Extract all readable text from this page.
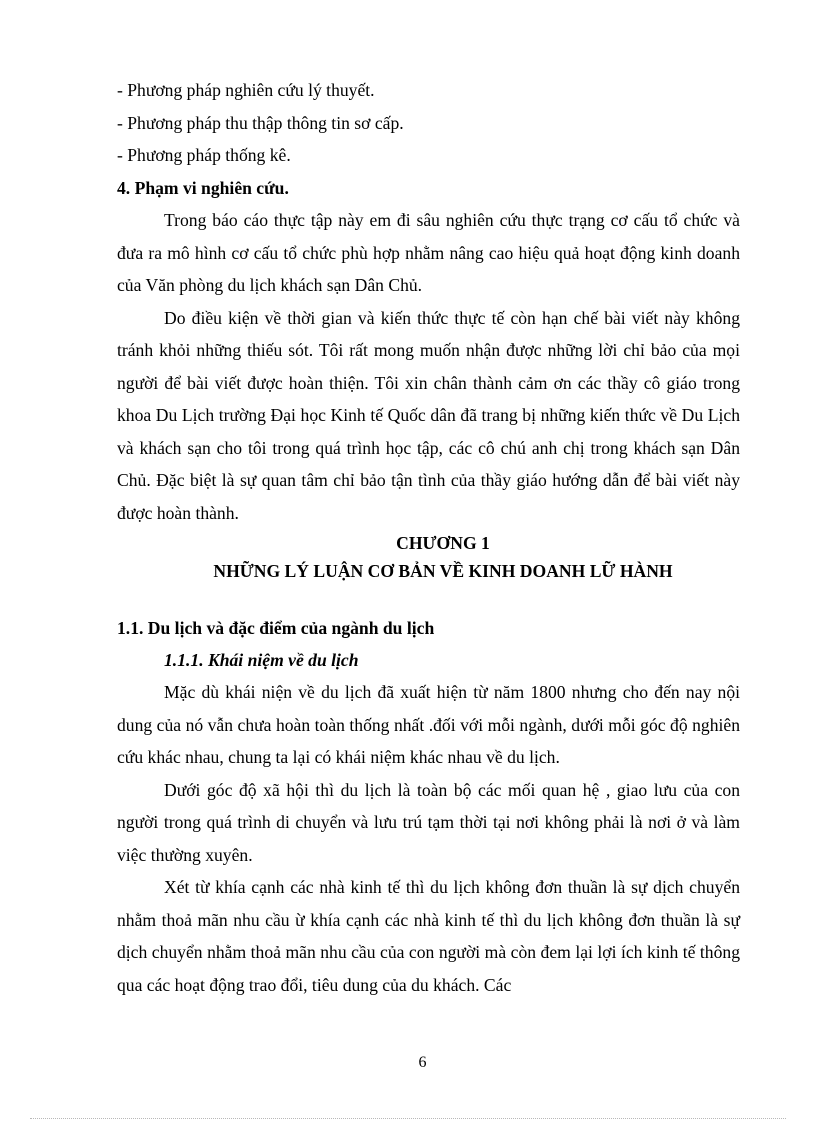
- Phương pháp nghiên cứu lý thuyết.
- Phương pháp thu thập thông tin sơ cấp.
- Phương pháp thống kê.
4. Phạm vi nghiên cứu.

Trong báo cáo thực tập này em đi sâu nghiên cứu thực trạng cơ cấu tổ chức và đưa ra mô hình cơ cấu tổ chức phù hợp nhằm nâng cao hiệu quả hoạt động kinh doanh của Văn phòng du lịch khách sạn Dân Chủ.

Do điều kiện về thời gian và kiến thức thực tế còn hạn chế bài viết này không tránh khỏi những thiếu sót. Tôi rất mong muốn nhận được những lời chỉ bảo của mọi người để bài viết được hoàn thiện. Tôi xin chân thành cảm ơn các thầy cô giáo trong khoa Du Lịch trường Đại học Kinh tế Quốc dân đã trang bị những kiến thức về Du Lịch và khách sạn cho tôi trong quá trình học tập, các cô chú anh chị trong khách sạn Dân Chủ. Đặc biệt là sự quan tâm chỉ bảo tận tình của thầy giáo hướng dẫn để bài viết này được hoàn thành.

CHƯƠNG 1
NHỮNG LÝ LUẬN CƠ BẢN VỀ KINH DOANH LỮ HÀNH
1.1. Du lịch và đặc điểm của ngành du lịch
1.1.1. Khái niệm về du lịch

Mặc dù khái niện về du lịch đã xuất hiện từ năm 1800 nhưng cho đến nay nội dung của nó vẫn chưa hoàn toàn thống nhất .đối với mỗi ngành, dưới mỗi góc độ nghiên cứu khác nhau, chung ta lại có khái niệm khác nhau về du lịch.

Dưới góc độ xã hội thì du lịch là toàn bộ các mối quan hệ , giao lưu của con người trong quá trình di chuyển và lưu trú tạm thời tại nơi không phải là nơi ở và làm việc thường xuyên.

Xét từ khía cạnh các nhà kinh tế thì du lịch không đơn thuần là sự dịch chuyển nhằm thoả mãn nhu cầu ừ khía cạnh các nhà kinh tế thì du lịch không đơn thuần là sự dịch chuyển nhằm thoả mãn nhu cầu của con người mà còn đem lại lợi ích kinh tế thông qua các hoạt động trao đổi, tiêu dung của du khách. Các

6
